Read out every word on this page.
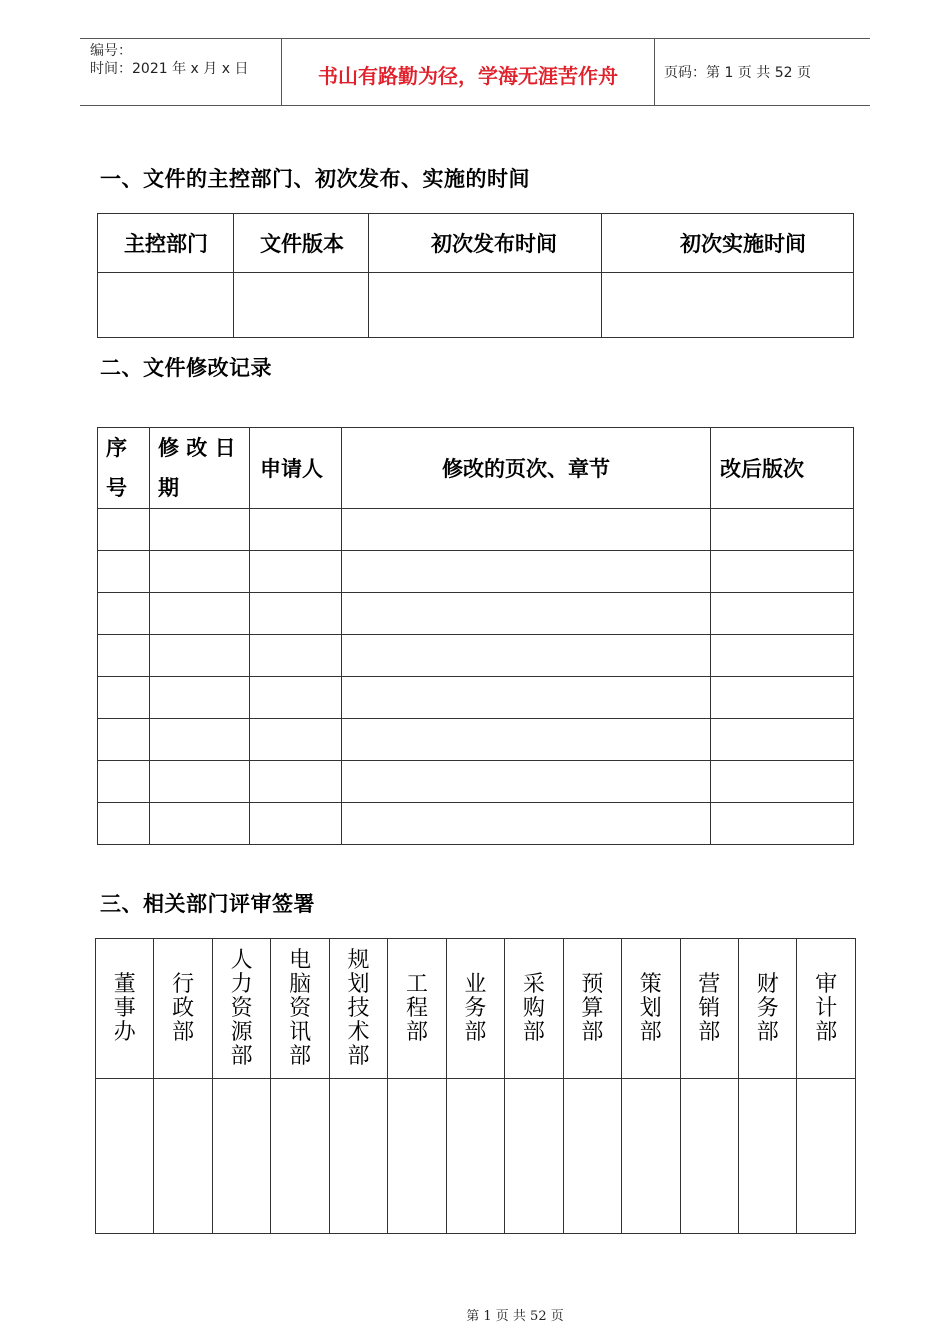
编号：
时间：2021 年 x 月 x 日	书山有路勤为径，学海无涯苦作舟	页码：第 1 页 共 52 页
一、文件的主控部门、初次发布、实施的时间
主控部门	文件版本	初次发布时间	初次实施时间

二、文件修改记录
序号	修 改 日期	申请人	修改的页次、章节	改后版次

三、相关部门评审签署
董事办	行政部	人力资源部	电脑资讯部	规划技术部	工程部	业务部	采购部	预算部	策划部	营销部	财务部	审计部

第 1 页 共 52 页
